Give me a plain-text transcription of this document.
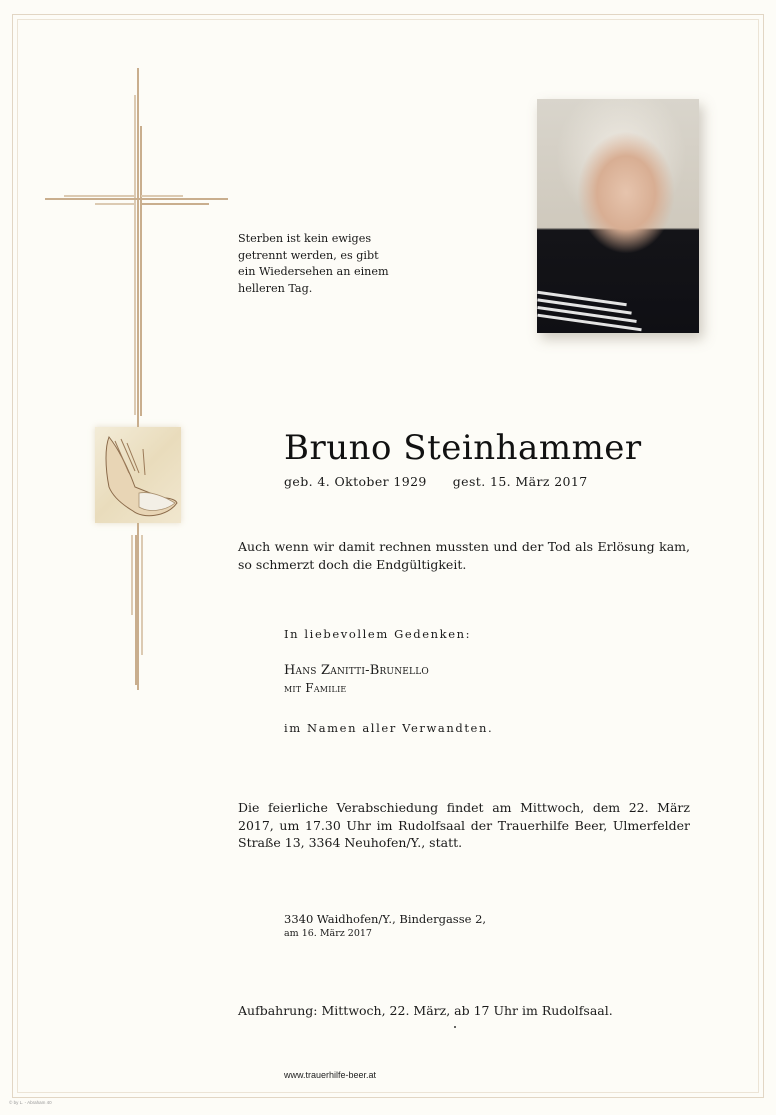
Sterben ist kein ewiges
getrennt werden, es gibt
ein Wiedersehen an einem
helleren Tag.
Bruno Steinhammer
geb. 4. Oktober 1929 gest. 15. März 2017
Auch wenn wir damit rechnen mussten und der Tod als Erlösung kam, so schmerzt doch die Endgültigkeit.
In liebevollem Gedenken:
Hans Zanitti-Brunello
mit Familie
im Namen aller Verwandten.
Die feierliche Verabschiedung findet am Mittwoch, dem 22. März 2017, um 17.30 Uhr im Rudolfsaal der Trauerhilfe Beer, Ulmerfelder Straße 13, 3364 Neuhofen/Y., statt.
3340 Waidhofen/Y., Bindergasse 2,
am 16. März 2017
Aufbahrung: Mittwoch, 22. März, ab 17 Uhr im Rudolfsaal.
www.trauerhilfe-beer.at
© by L. - Abraham 40
